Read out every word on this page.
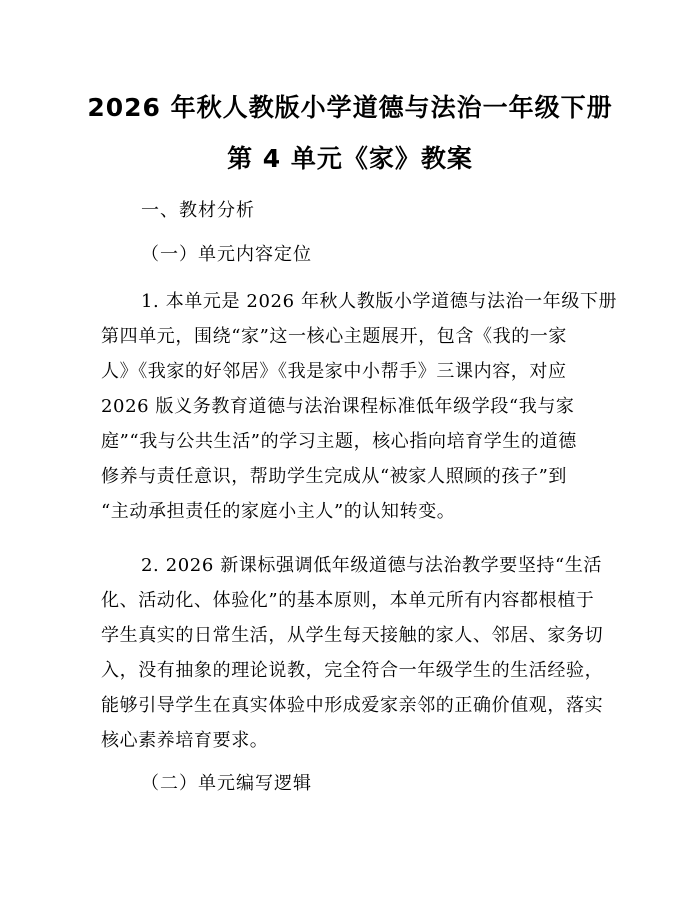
2026 年秋人教版小学道德与法治一年级下册
第 4 单元《家》教案
一、教材分析
（一）单元内容定位
1. 本单元是 2026 年秋人教版小学道德与法治一年级下册
第四单元，围绕“家”这一核心主题展开，包含《我的一家
人》《我家的好邻居》《我是家中小帮手》三课内容，对应
2026 版义务教育道德与法治课程标准低年级学段“我与家
庭”“我与公共生活”的学习主题，核心指向培育学生的道德
修养与责任意识，帮助学生完成从“被家人照顾的孩子”到
“主动承担责任的家庭小主人”的认知转变。
2. 2026 新课标强调低年级道德与法治教学要坚持“生活
化、活动化、体验化”的基本原则，本单元所有内容都根植于
学生真实的日常生活，从学生每天接触的家人、邻居、家务切
入，没有抽象的理论说教，完全符合一年级学生的生活经验，
能够引导学生在真实体验中形成爱家亲邻的正确价值观，落实
核心素养培育要求。
（二）单元编写逻辑
